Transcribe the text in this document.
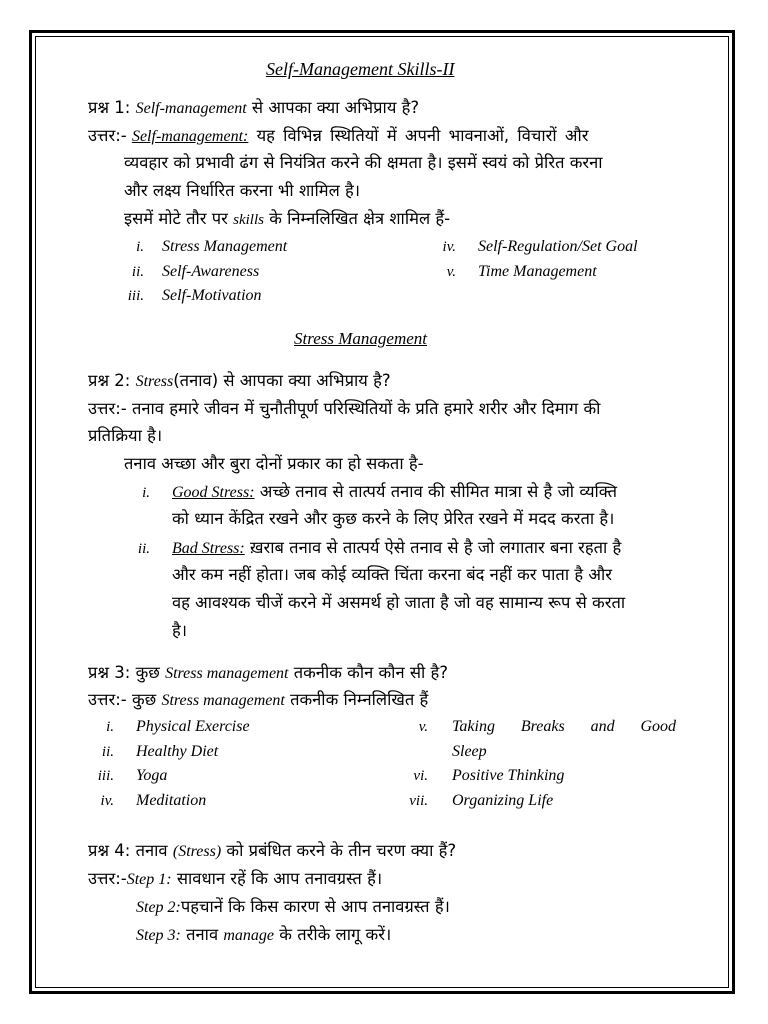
Self-Management Skills-II
प्रश्न 1: Self-management से आपका क्या अभिप्राय है?
उत्तर:- Self-management: यह विभिन्न स्थितियों में अपनी भावनाओं, विचारों और
व्यवहार को प्रभावी ढंग से नियंत्रित करने की क्षमता है। इसमें स्वयं को प्रेरित करना
और लक्ष्य निर्धारित करना भी शामिल है।
इसमें मोटे तौर पर skills के निम्नलिखित क्षेत्र शामिल हैं-
i. Stress Management
ii. Self-Awareness
iii. Self-Motivation
iv. Self-Regulation/Set Goal
v. Time Management
Stress Management
प्रश्न 2: Stress(तनाव) से आपका क्या अभिप्राय है?
उत्तर:- तनाव हमारे जीवन में चुनौतीपूर्ण परिस्थितियों के प्रति हमारे शरीर और दिमाग की
प्रतिक्रिया है।
तनाव अच्छा और बुरा दोनों प्रकार का हो सकता है-
i. Good Stress: अच्छे तनाव से तात्पर्य तनाव की सीमित मात्रा से है जो व्यक्ति
को ध्यान केंद्रित रखने और कुछ करने के लिए प्रेरित रखने में मदद करता है।
ii. Bad Stress: ख़राब तनाव से तात्पर्य ऐसे तनाव से है जो लगातार बना रहता है
और कम नहीं होता। जब कोई व्यक्ति चिंता करना बंद नहीं कर पाता है और
वह आवश्यक चीजें करने में असमर्थ हो जाता है जो वह सामान्य रूप से करता
है।
प्रश्न 3: कुछ Stress management तकनीक कौन कौन सी है?
उत्तर:- कुछ Stress management तकनीक निम्नलिखित हैं
i. Physical Exercise
ii. Healthy Diet
iii. Yoga
iv. Meditation
v. Taking Breaks and Good
Sleep
vi. Positive Thinking
vii. Organizing Life
प्रश्न 4: तनाव (Stress) को प्रबंधित करने के तीन चरण क्या हैं?
उत्तर:-Step 1: सावधान रहें कि आप तनावग्रस्त हैं।
Step 2:पहचानें कि किस कारण से आप तनावग्रस्त हैं।
Step 3: तनाव manage के तरीके लागू करें।
